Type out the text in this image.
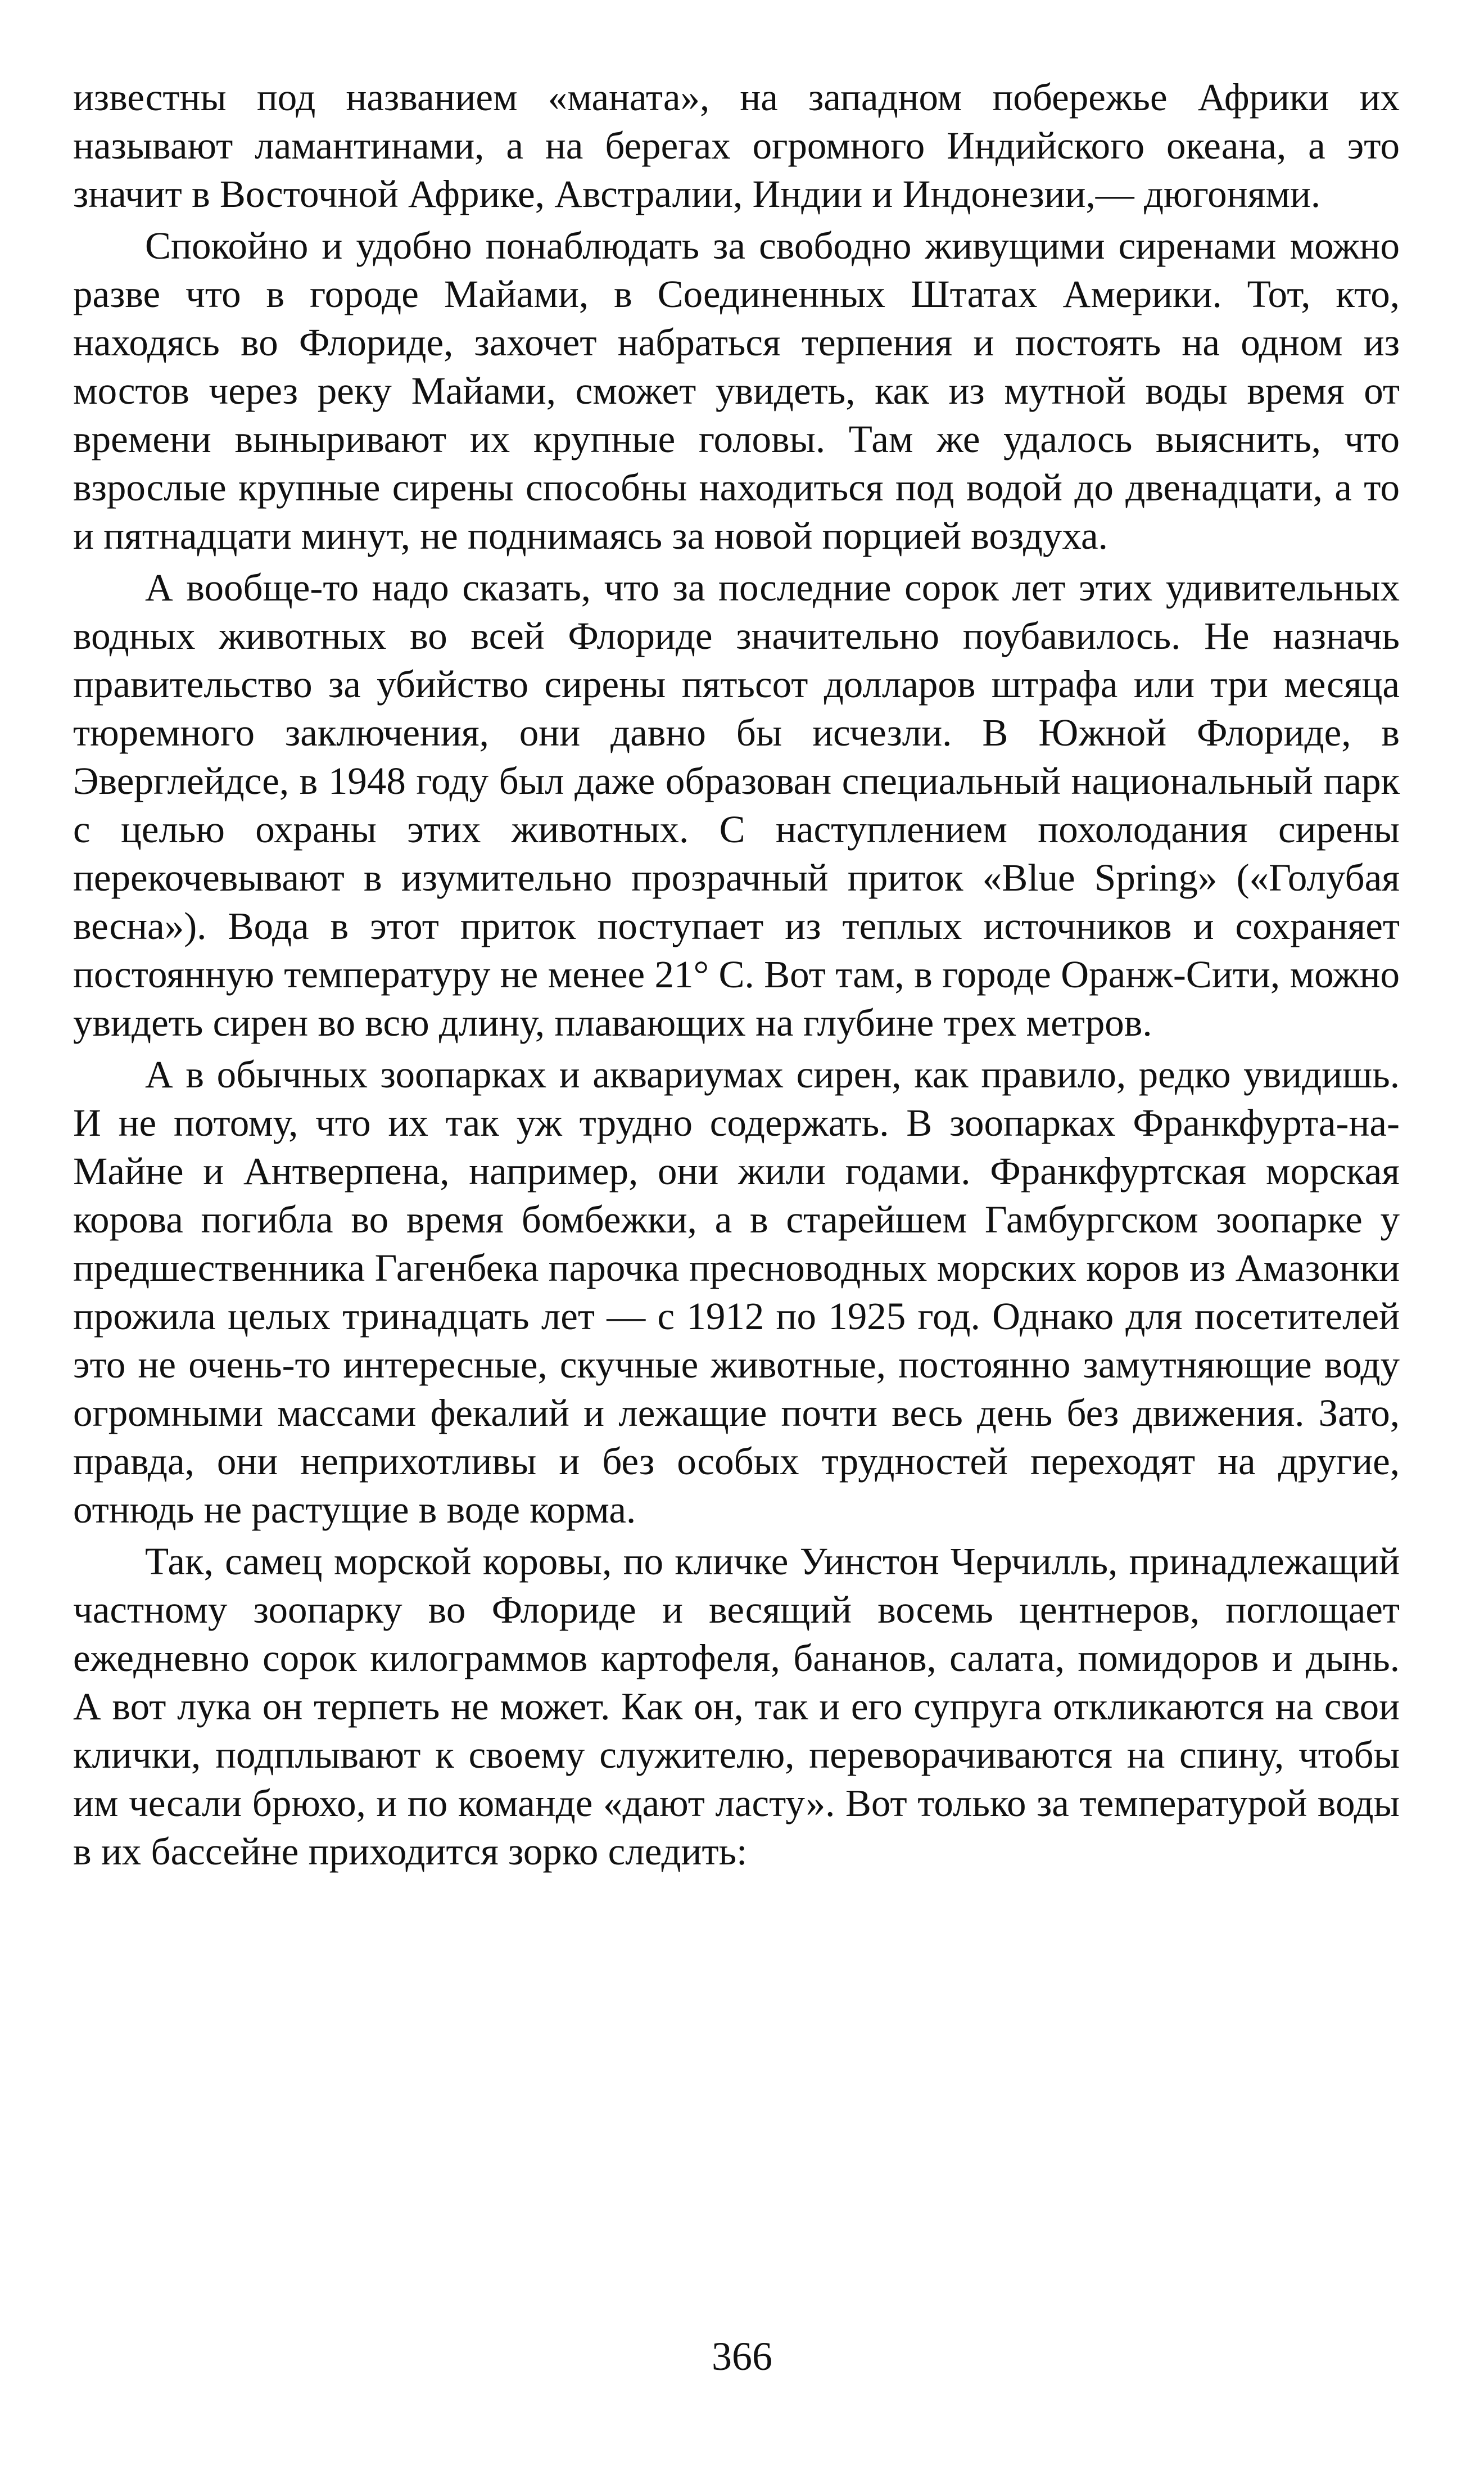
известны под названием «маната», на западном побережье Африки их называют ламантинами, а на берегах огромного Индийского океана, а это значит в Восточной Африке, Австралии, Индии и Индонезии,— дюгонями.

Спокойно и удобно понаблюдать за свободно живущими сиренами можно разве что в городе Майами, в Соединенных Штатах Америки. Тот, кто, находясь во Флориде, захочет набраться терпения и постоять на одном из мостов через реку Майами, сможет увидеть, как из мутной воды время от времени выныривают их крупные головы. Там же удалось выяснить, что взрослые крупные сирены способны находиться под водой до двенадцати, а то и пятнадцати минут, не поднимаясь за новой порцией воздуха.

А вообще-то надо сказать, что за последние сорок лет этих удивительных водных животных во всей Флориде значительно поубавилось. Не назначь правительство за убийство сирены пятьсот долларов штрафа или три месяца тюремного заключения, они давно бы исчезли. В Южной Флориде, в Эверглейдсе, в 1948 году был даже образован специальный национальный парк с целью охраны этих животных. С наступлением похолодания сирены перекочевывают в изумительно прозрачный приток «Blue Spring» («Голубая весна»). Вода в этот приток поступает из теплых источников и сохраняет постоянную температуру не менее 21° С. Вот там, в городе Оранж-Сити, можно увидеть сирен во всю длину, плавающих на глубине трех метров.

А в обычных зоопарках и аквариумах сирен, как правило, редко увидишь. И не потому, что их так уж трудно содержать. В зоопарках Франкфурта-на-Майне и Антверпена, например, они жили годами. Франкфуртская морская корова погибла во время бомбежки, а в старейшем Гамбургском зоопарке у предшественника Гагенбека парочка пресноводных морских коров из Амазонки прожила целых тринадцать лет — с 1912 по 1925 год. Однако для посетителей это не очень-то интересные, скучные животные, постоянно замутняющие воду огромными массами фекалий и лежащие почти весь день без движения. Зато, правда, они неприхотливы и без особых трудностей переходят на другие, отнюдь не растущие в воде корма.

Так, самец морской коровы, по кличке Уинстон Черчилль, принадлежащий частному зоопарку во Флориде и весящий восемь центнеров, поглощает ежедневно сорок килограммов картофеля, бананов, салата, помидоров и дынь. А вот лука он терпеть не может. Как он, так и его супруга откликаются на свои клички, подплывают к своему служителю, переворачиваются на спину, чтобы им чесали брюхо, и по команде «дают ласту». Вот только за температурой воды в их бассейне приходится зорко следить:

366
